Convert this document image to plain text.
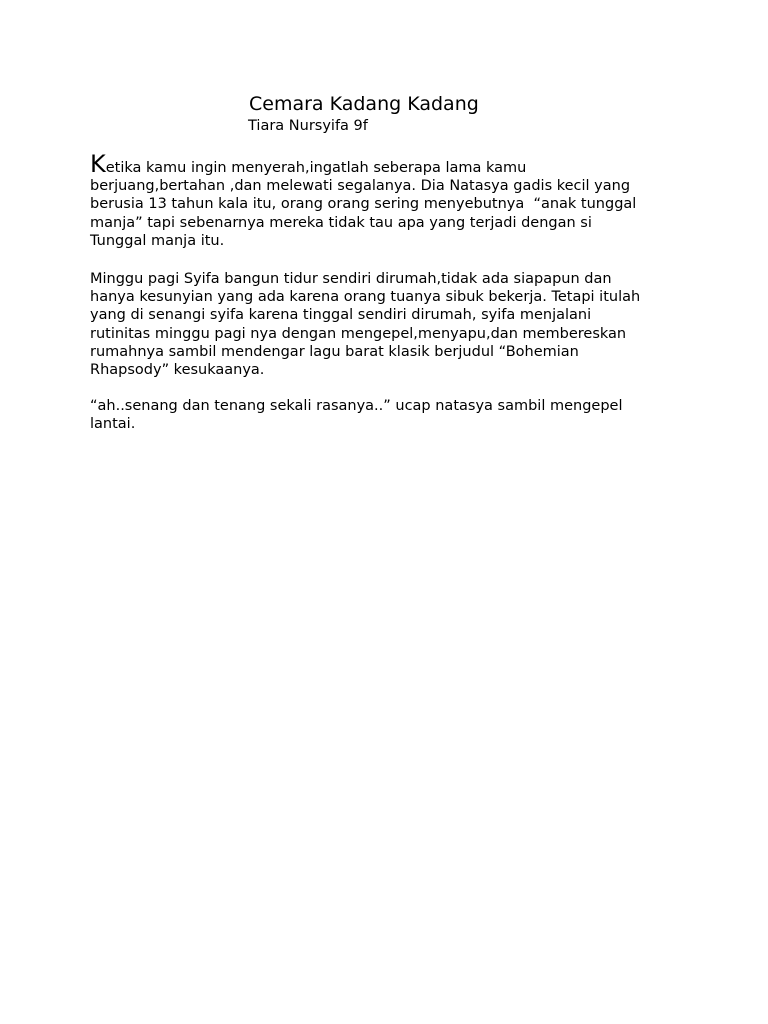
Cemara Kadang Kadang
Tiara Nursyifa 9f
Ketika kamu ingin menyerah,ingatlah seberapa lama kamu
berjuang,bertahan ,dan melewati segalanya. Dia Natasya gadis kecil yang
berusia 13 tahun kala itu, orang orang sering menyebutnya  “anak tunggal
manja” tapi sebenarnya mereka tidak tau apa yang terjadi dengan si
Tunggal manja itu.
Minggu pagi Syifa bangun tidur sendiri dirumah,tidak ada siapapun dan
hanya kesunyian yang ada karena orang tuanya sibuk bekerja. Tetapi itulah
yang di senangi syifa karena tinggal sendiri dirumah, syifa menjalani
rutinitas minggu pagi nya dengan mengepel,menyapu,dan membereskan
rumahnya sambil mendengar lagu barat klasik berjudul “Bohemian
Rhapsody” kesukaanya.
“ah..senang dan tenang sekali rasanya..” ucap natasya sambil mengepel
lantai.
